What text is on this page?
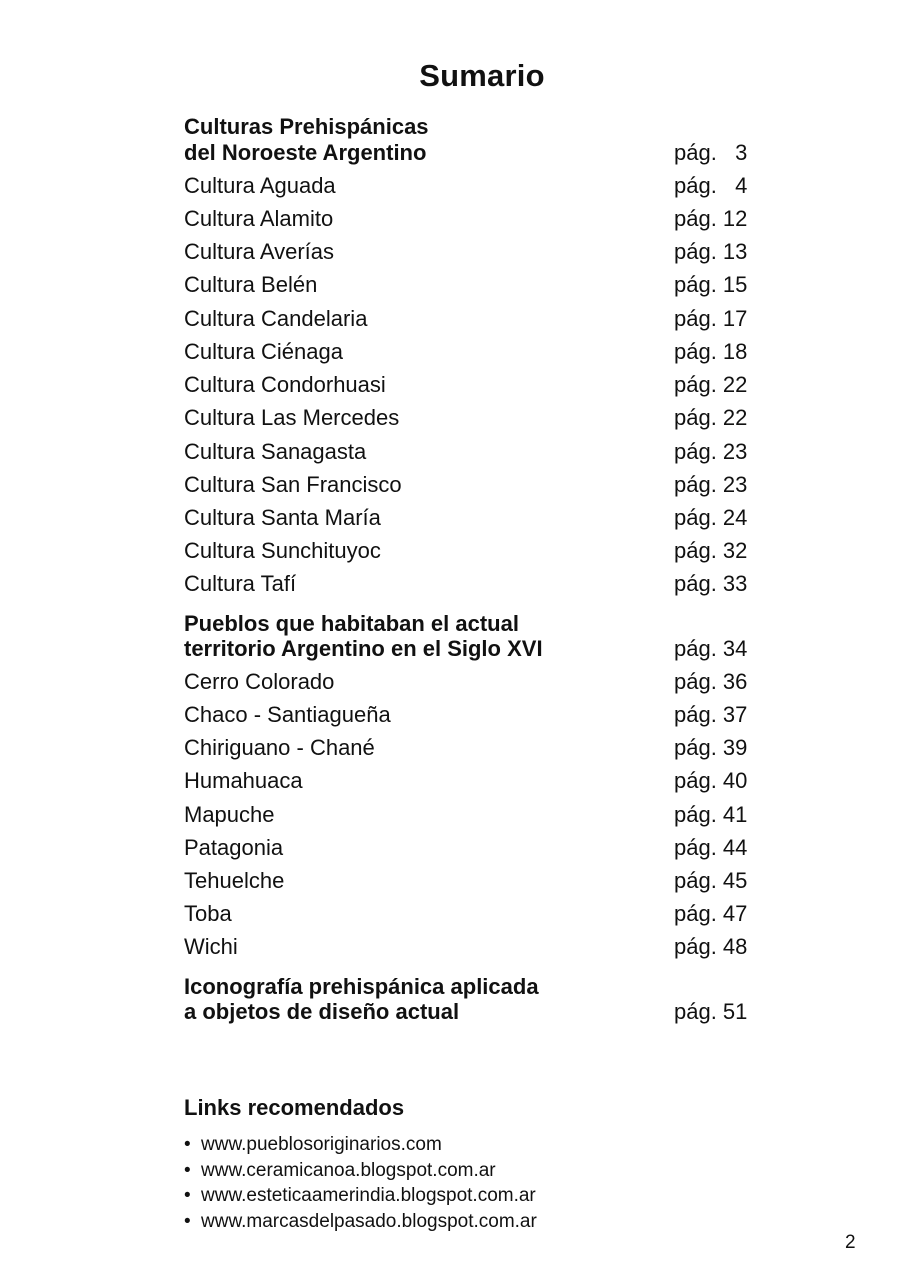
Sumario
Culturas Prehispánicas
del Noroeste Argentino	pág.   3
Cultura Aguada	pág.   4
Cultura Alamito	pág. 12
Cultura Averías	pág. 13
Cultura Belén	pág. 15
Cultura Candelaria	pág. 17
Cultura Ciénaga	pág. 18
Cultura Condorhuasi	pág. 22
Cultura Las Mercedes	pág. 22
Cultura Sanagasta	pág. 23
Cultura San Francisco	pág. 23
Cultura Santa María	pág. 24
Cultura Sunchituyoc	pág. 32
Cultura Tafí	pág. 33
Pueblos que habitaban el actual
territorio Argentino en el Siglo XVI	pág. 34
Cerro Colorado	pág. 36
Chaco - Santiagueña	pág. 37
Chiriguano - Chané	pág. 39
Humahuaca	pág. 40
Mapuche	pág. 41
Patagonia	pág. 44
Tehuelche	pág. 45
Toba	pág. 47
Wichi	pág. 48
Iconografía prehispánica aplicada
a objetos de diseño actual	pág. 51
Links recomendados
• www.pueblosoriginarios.com
• www.ceramicanoa.blogspot.com.ar
• www.esteticaamerindia.blogspot.com.ar
• www.marcasdelpasado.blogspot.com.ar
2
